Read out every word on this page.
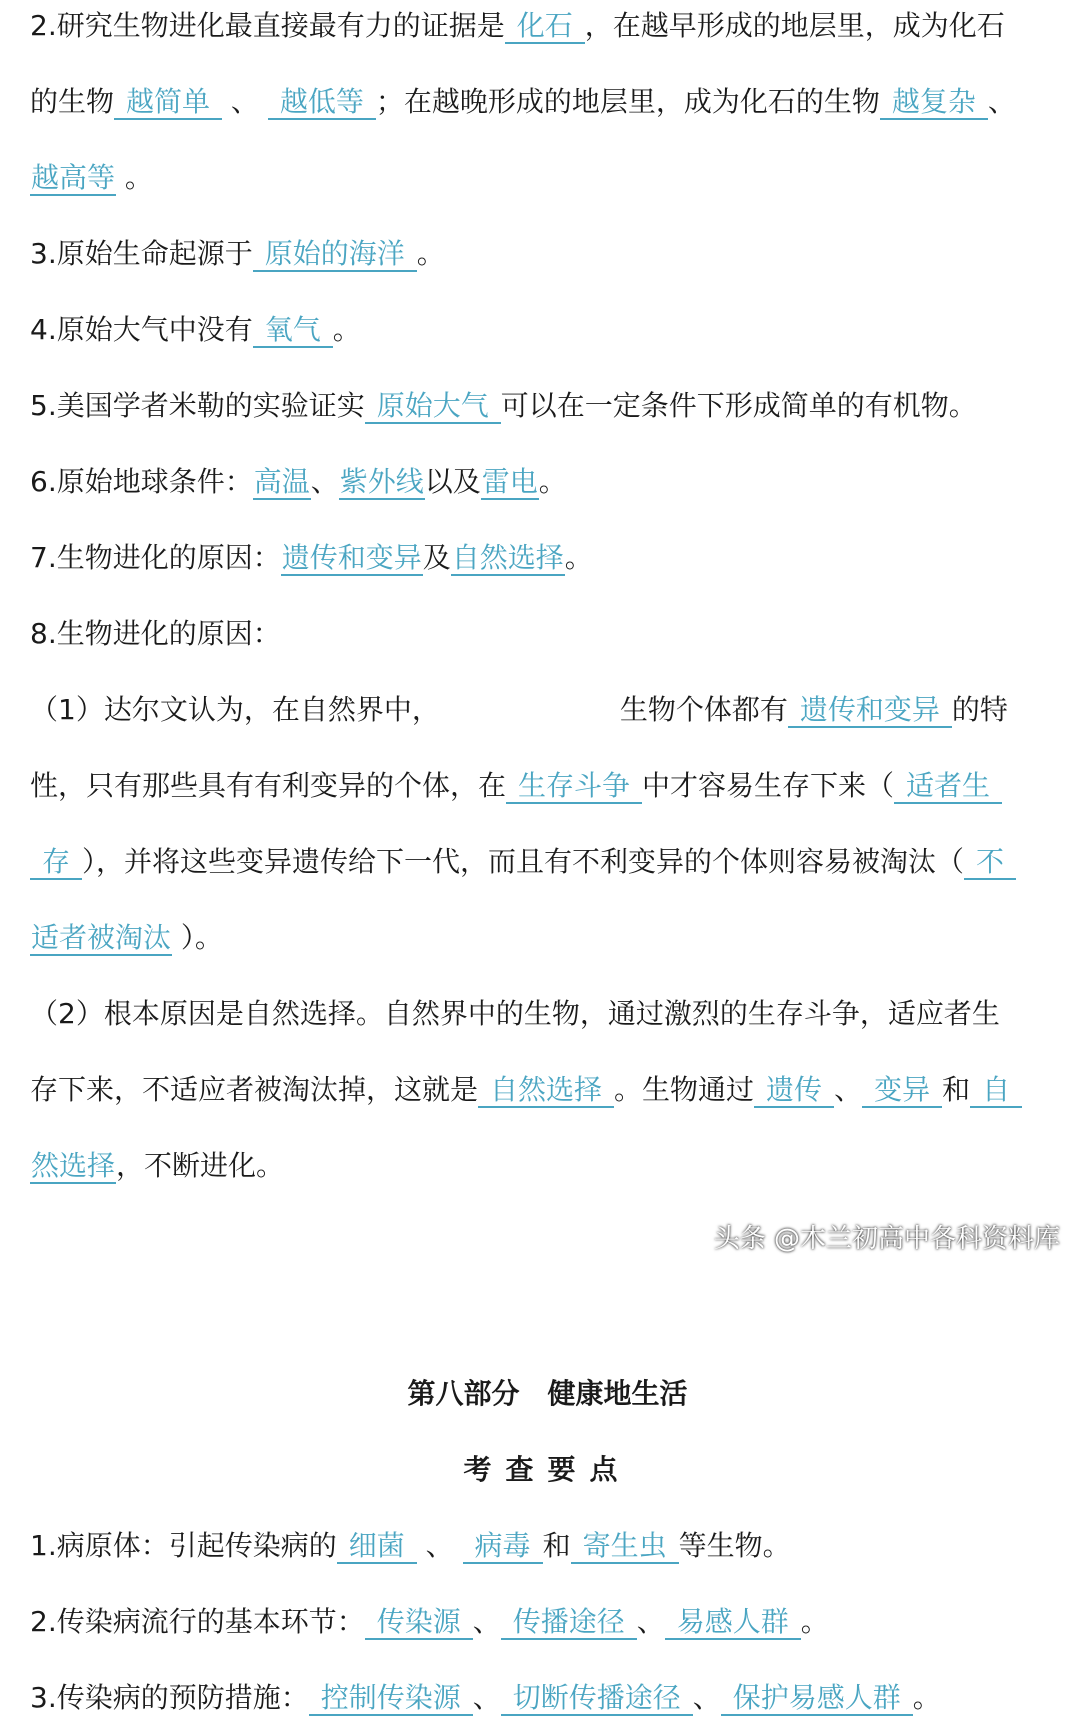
2.研究生物进化最直接最有力的证据是 化石 ，在越早形成的地层里，成为化石
的生物 越简单 、 越低等 ；在越晚形成的地层里，成为化石的生物 越复杂 、
越高等 。
3.原始生命起源于 原始的海洋 。
4.原始大气中没有 氧气 。
5.美国学者米勒的实验证实 原始大气 可以在一定条件下形成简单的有机物。
6.原始地球条件：高温、紫外线以及雷电。
7.生物进化的原因：遗传和变异及自然选择。
8.生物进化的原因：
（1）达尔文认为，在自然界中，	生物个体都有 遗传和变异 的特
性，只有那些具有有利变异的个体，在 生存斗争 中才容易生存下来（ 适者生
存 ），并将这些变异遗传给下一代，而且有不利变异的个体则容易被淘汰（ 不
适者被淘汰 ）。
（2）根本原因是自然选择。自然界中的生物，通过激烈的生存斗争，适应者生
存下来，不适应者被淘汰掉，这就是 自然选择 。生物通过 遗传 、 变异 和 自
然选择，不断进化。
第八部分　健康地生活
考查要点
1.病原体：引起传染病的 细菌 、 病毒 和 寄生虫 等生物。
2.传染病流行的基本环节： 传染源 、 传播途径 、 易感人群 。
3.传染病的预防措施： 控制传染源 、 切断传播途径 、 保护易感人群 。
头条 @木兰初高中各科资料库
